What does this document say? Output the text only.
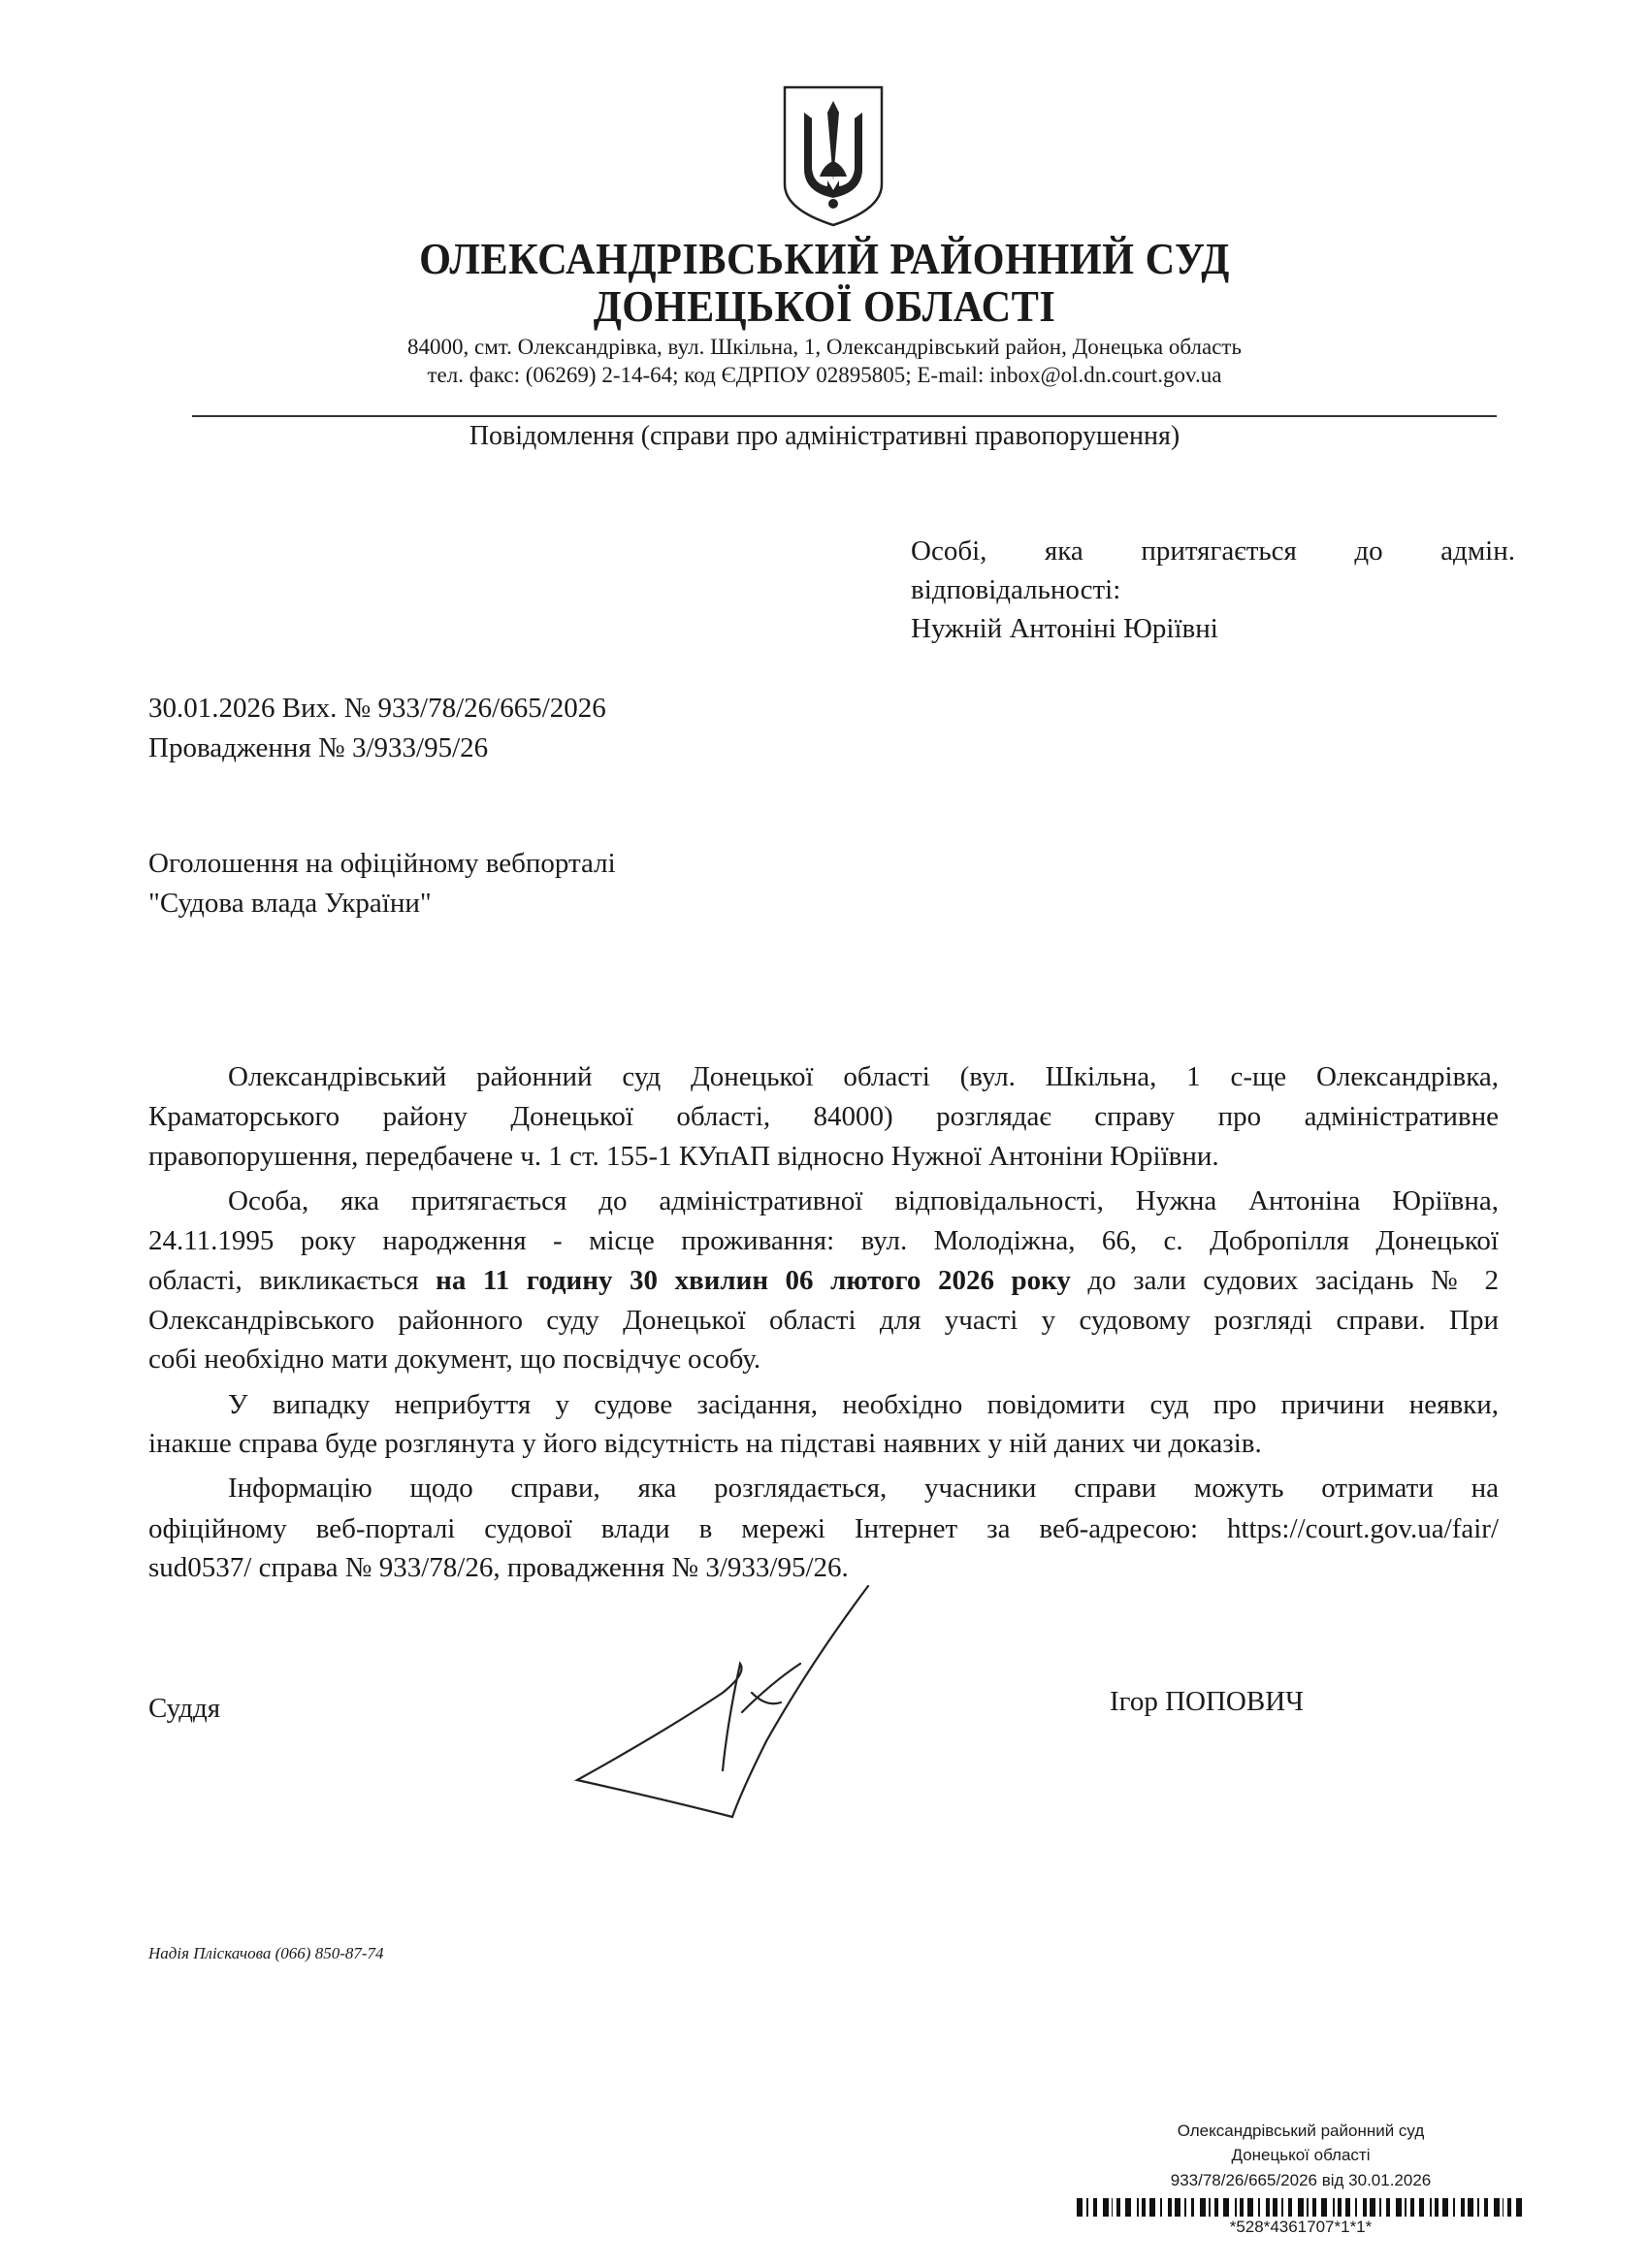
ОЛЕКСАНДРІВСЬКИЙ РАЙОННИЙ СУД
ДОНЕЦЬКОЇ ОБЛАСТІ
84000, смт. Олександрівка, вул. Шкільна, 1, Олександрівський район, Донецька область
тел. факс: (06269) 2-14-64; код ЄДРПОУ 02895805; E-mail: inbox@ol.dn.court.gov.ua
Повідомлення (справи про адміністративні правопорушення)
Особі, яка притягається до адмін.
відповідальності:
Нужній Антоніні Юріївні
30.01.2026 Вих. № 933/78/26/665/2026
Провадження № 3/933/95/26
Оголошення на офіційному вебпорталі
"Судова влада України"
Олександрівський районний суд Донецької області (вул. Шкільна, 1 с-ще Олександрівка,
Краматорського району Донецької області, 84000) розглядає справу про адміністративне
правопорушення, передбачене ч. 1 ст. 155-1 КУпАП відносно Нужної Антоніни Юріївни.
Особа, яка притягається до адміністративної відповідальності, Нужна Антоніна Юріївна,
24.11.1995 року народження - місце проживання: вул. Молодіжна, 66, с. Добропілля Донецької
області, викликається на 11 годину 30 хвилин 06 лютого 2026 року до зали судових засідань № 2
Олександрівського районного суду Донецької області для участі у судовому розгляді справи. При
собі необхідно мати документ, що посвідчує особу.
У випадку неприбуття у судове засідання, необхідно повідомити суд про причини неявки,
інакше справа буде розглянута у його відсутність на підставі наявних у ній даних чи доказів.
Інформацію щодо справи, яка розглядається, учасники справи можуть отримати на
офіційному веб-порталі судової влади в мережі Інтернет за веб-адресою: https://court.gov.ua/fair/
sud0537/ справа № 933/78/26, провадження № 3/933/95/26.
Суддя	Ігор ПОПОВИЧ
Надія Пліскачова (066) 850-87-74
Олександрівський районний суд
Донецької області
933/78/26/665/2026 від 30.01.2026
*528*4361707*1*1*
